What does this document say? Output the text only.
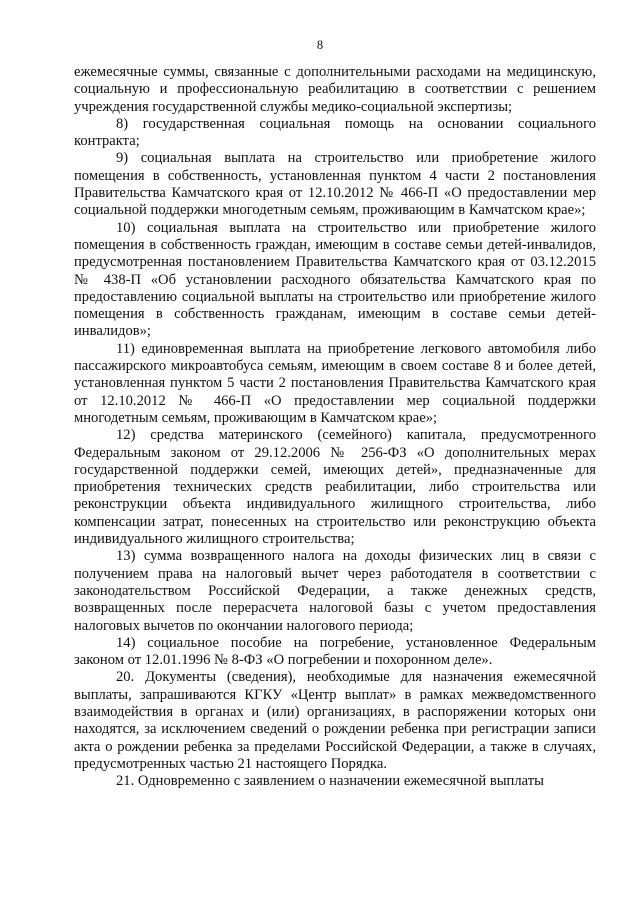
8

ежемесячные суммы, связанные с дополнительными расходами на медицинскую, социальную и профессиональную реабилитацию в соответствии с решением учреждения государственной службы медико-социальной экспертизы;

8) государственная социальная помощь на основании социального контракта;

9) социальная выплата на строительство или приобретение жилого помещения в собственность, установленная пунктом 4 части 2 постановления Правительства Камчатского края от 12.10.2012 № 466-П «О предоставлении мер социальной поддержки многодетным семьям, проживающим в Камчатском крае»;

10) социальная выплата на строительство или приобретение жилого помещения в собственность граждан, имеющим в составе семьи детей-инвалидов, предусмотренная постановлением Правительства Камчатского края от 03.12.2015 № 438-П «Об установлении расходного обязательства Камчатского края по предоставлению социальной выплаты на строительство или приобретение жилого помещения в собственность гражданам, имеющим в составе семьи детей-инвалидов»;

11) единовременная выплата на приобретение легкового автомобиля либо пассажирского микроавтобуса семьям, имеющим в своем составе 8 и более детей, установленная пунктом 5 части 2 постановления Правительства Камчатского края от 12.10.2012 № 466-П «О предоставлении мер социальной поддержки многодетным семьям, проживающим в Камчатском крае»;

12) средства материнского (семейного) капитала, предусмотренного Федеральным законом от 29.12.2006 № 256-ФЗ «О дополнительных мерах государственной поддержки семей, имеющих детей», предназначенные для приобретения технических средств реабилитации, либо строительства или реконструкции объекта индивидуального жилищного строительства, либо компенсации затрат, понесенных на строительство или реконструкцию объекта индивидуального жилищного строительства;

13) сумма возвращенного налога на доходы физических лиц в связи с получением права на налоговый вычет через работодателя в соответствии с законодательством Российской Федерации, а также денежных средств, возвращенных после перерасчета налоговой базы с учетом предоставления налоговых вычетов по окончании налогового периода;

14) социальное пособие на погребение, установленное Федеральным законом от 12.01.1996 № 8-ФЗ «О погребении и похоронном деле».

20. Документы (сведения), необходимые для назначения ежемесячной выплаты, запрашиваются КГКУ «Центр выплат» в рамках межведомственного взаимодействия в органах и (или) организациях, в распоряжении которых они находятся, за исключением сведений о рождении ребенка при регистрации записи акта о рождении ребенка за пределами Российской Федерации, а также в случаях, предусмотренных частью 21 настоящего Порядка.

21. Одновременно с заявлением о назначении ежемесячной выплаты
